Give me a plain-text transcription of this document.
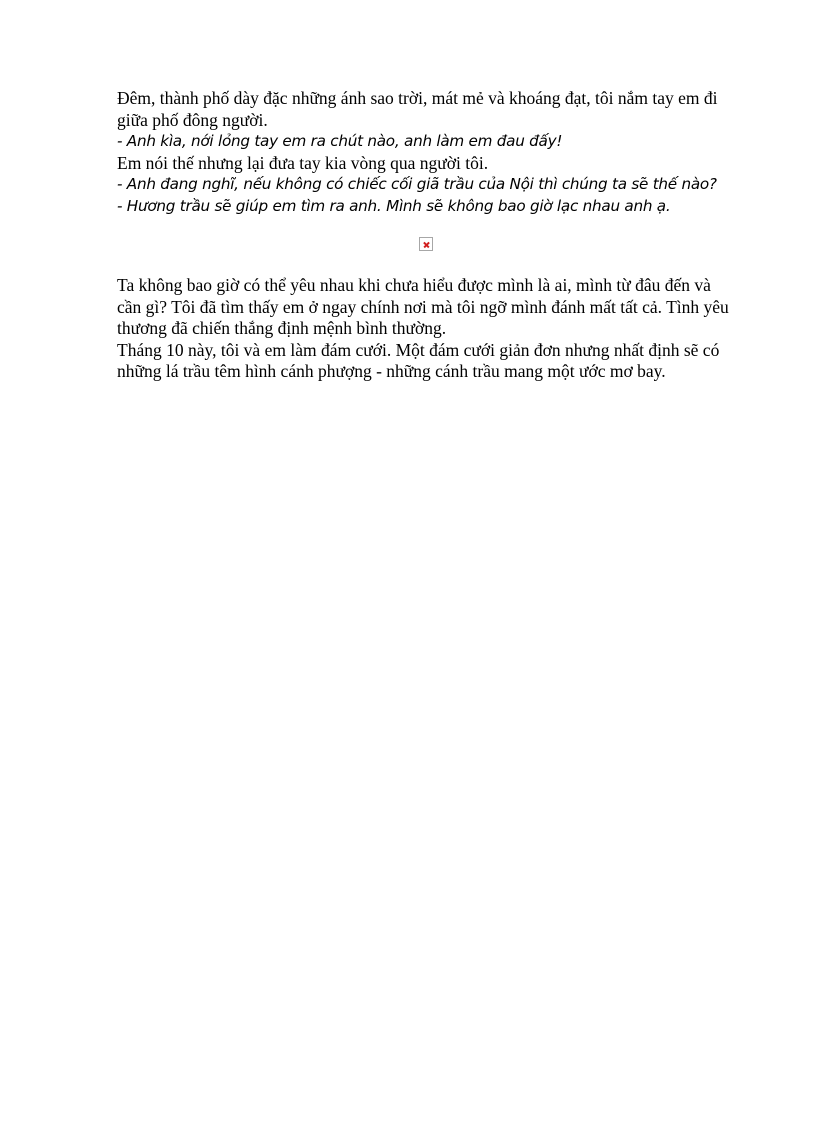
Đêm, thành phố dày đặc những ánh sao trời, mát mẻ và khoáng đạt, tôi nắm tay em đi giữa phố đông người.

- Anh kìa, nới lỏng tay em ra chút nào, anh làm em đau đấy!

Em nói thế nhưng lại đưa tay kia vòng qua người tôi.

- Anh đang nghĩ, nếu không có chiếc cối giã trầu của Nội thì chúng ta sẽ thế nào?

- Hương trầu sẽ giúp em tìm ra anh. Mình sẽ không bao giờ lạc nhau anh ạ.

Ta không bao giờ có thể yêu nhau khi chưa hiểu được mình là ai, mình từ đâu đến và cần gì? Tôi đã tìm thấy em ở ngay chính nơi mà tôi ngỡ mình đánh mất tất cả. Tình yêu thương đã chiến thắng định mệnh bình thường.

Tháng 10 này, tôi và em làm đám cưới. Một đám cưới giản đơn nhưng nhất định sẽ có những lá trầu têm hình cánh phượng - những cánh trầu mang một ước mơ bay.
